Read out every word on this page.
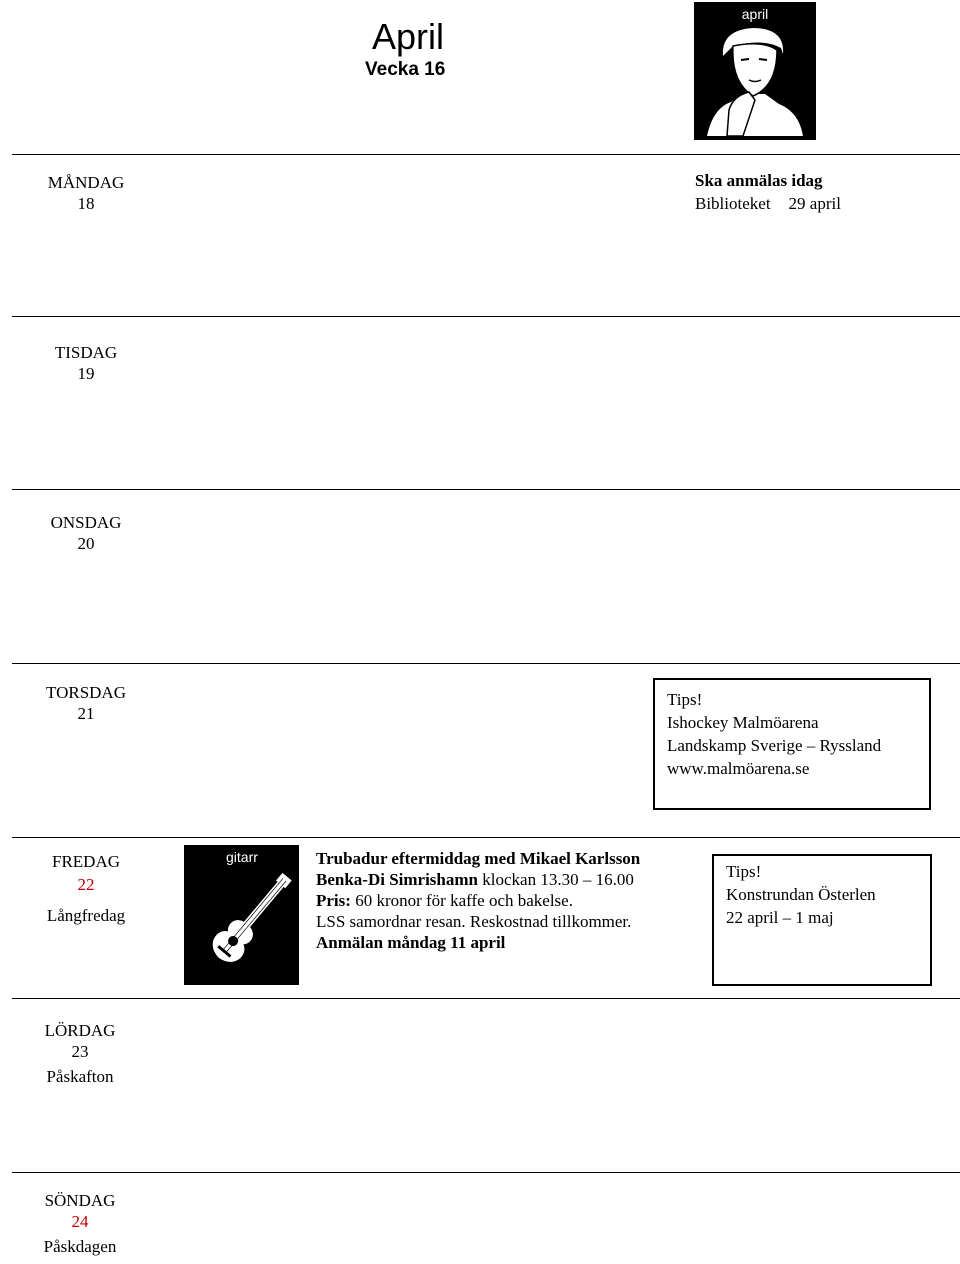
April
Vecka 16
april
MÅNDAG
18
Ska anmälas idag
Biblioteket 29 april
TISDAG
19
ONSDAG
20
TORSDAG
21
Tips!
Ishockey Malmöarena
Landskamp Sverige – Ryssland
www.malmöarena.se
FREDAG
22
Långfredag
gitarr	Trubadur eftermiddag med Mikael Karlsson
Benka-Di Simrishamn klockan 13.30 – 16.00
Pris: 60 kronor för kaffe och bakelse.
LSS samordnar resan. Reskostnad tillkommer.
Anmälan måndag 11 april
Tips!
Konstrundan Österlen
22 april – 1 maj
LÖRDAG
23
Påskafton
SÖNDAG
24
Påskdagen
